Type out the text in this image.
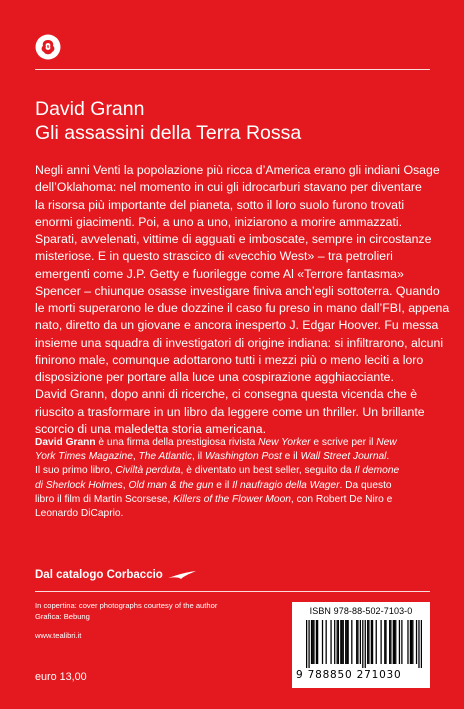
David Grann
Gli assassini della Terra Rossa
Negli anni Venti la popolazione più ricca d’America erano gli indiani Osage
dell’Oklahoma: nel momento in cui gli idrocarburi stavano per diventare
la risorsa più importante del pianeta, sotto il loro suolo furono trovati
enormi giacimenti. Poi, a uno a uno, iniziarono a morire ammazzati.
Sparati, avvelenati, vittime di agguati e imboscate, sempre in circostanze
misteriose. E in questo strascico di «vecchio West» – tra petrolieri
emergenti come J.P. Getty e fuorilegge come Al «Terrore fantasma»
Spencer – chiunque osasse investigare finiva anch’egli sottoterra. Quando
le morti superarono le due dozzine il caso fu preso in mano dall’FBI, appena
nato, diretto da un giovane e ancora inesperto J. Edgar Hoover. Fu messa
insieme una squadra di investigatori di origine indiana: si infiltrarono, alcuni
finirono male, comunque adottarono tutti i mezzi più o meno leciti a loro
disposizione per portare alla luce una cospirazione agghiacciante.
David Grann, dopo anni di ricerche, ci consegna questa vicenda che è
riuscito a trasformare in un libro da leggere come un thriller. Un brillante
scorcio di una maledetta storia americana.
David Grann è una firma della prestigiosa rivista New Yorker e scrive per il New
York Times Magazine, The Atlantic, il Washington Post e il Wall Street Journal.
Il suo primo libro, Civiltà perduta, è diventato un best seller, seguito da Il demone
di Sherlock Holmes, Old man & the gun e il Il naufragio della Wager. Da questo
libro il film di Martin Scorsese, Killers of the Flower Moon, con Robert De Niro e
Leonardo DiCaprio.
Dal catalogo Corbaccio
In copertina: cover photographs courtesy of the author
Grafica: Bebung
www.tealibri.it
euro 13,00
ISBN 978-88-502-7103-0
9 788850 271030
